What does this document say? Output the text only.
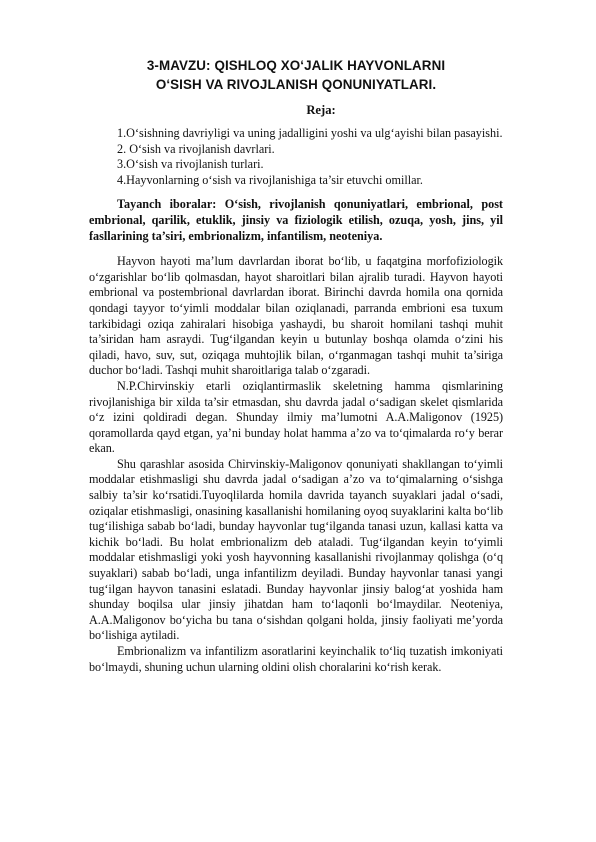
3-MAVZU: QISHLOQ XO‘JALIK HAYVONLARNI
O‘SISH VA RIVOJLANISH QONUNIYATLARI.
Reja:

1.O‘sishning davriyligi va uning jadalligini yoshi va ulg‘ayishi bilan pasayishi.

2. O‘sish va rivojlanish davrlari.

3.O‘sish va rivojlanish turlari.

4.Hayvonlarning o‘sish va rivojlanishiga ta’sir etuvchi omillar.

Tayanch iboralar: O‘sish, rivojlanish qonuniyatlari, embrional, post embrional, qarilik, etuklik, jinsiy va fiziologik etilish, ozuqa, yosh, jins, yil fasllarining ta’siri, embrionalizm, infantilism, neoteniya.

Hayvon hayoti ma’lum davrlardan iborat bo‘lib, u faqatgina morfofiziologik o‘zgarishlar bo‘lib qolmasdan, hayot sharoitlari bilan ajralib turadi. Hayvon hayoti embrional va postembrional davrlardan iborat. Birinchi davrda homila ona qornida qondagi tayyor to‘yimli moddalar bilan oziqlanadi, parranda embrioni esa tuxum tarkibidagi oziqa zahiralari hisobiga yashaydi, bu sharoit homilani tashqi muhit ta’siridan ham asraydi. Tug‘ilgandan keyin u butunlay boshqa olamda o‘zini his qiladi, havo, suv, sut, oziqaga muhtojlik bilan, o‘rganmagan tashqi muhit ta’siriga duchor bo‘ladi. Tashqi muhit sharoitlariga talab o‘zgaradi.

N.P.Chirvinskiy etarli oziqlantirmaslik skeletning hamma qismlarining rivojlanishiga bir xilda ta’sir etmasdan, shu davrda jadal o‘sadigan skelet qismlarida o‘z izini qoldiradi degan. Shunday ilmiy ma’lumotni A.A.Maligonov (1925) qoramollarda qayd etgan, ya’ni bunday holat hamma a’zo va to‘qimalarda ro‘y berar ekan.

Shu qarashlar asosida Chirvinskiy-Maligonov qonuniyati shakllangan to‘yimli moddalar etishmasligi shu davrda jadal o‘sadigan a’zo va to‘qimalarning o‘sishga salbiy ta’sir ko‘rsatidi.Tuyoqlilarda homila davrida tayanch suyaklari jadal o‘sadi, oziqalar etishmasligi, onasining kasallanishi homilaning oyoq suyaklarini kalta bo‘lib tug‘ilishiga sabab bo‘ladi, bunday hayvonlar tug‘ilganda tanasi uzun, kallasi katta va kichik bo‘ladi. Bu holat embrionalizm deb ataladi. Tug‘ilgandan keyin to‘yimli moddalar etishmasligi yoki yosh hayvonning kasallanishi rivojlanmay qolishga (o‘q suyaklari) sabab bo‘ladi, unga infantilizm deyiladi. Bunday hayvonlar tanasi yangi tug‘ilgan hayvon tanasini eslatadi. Bunday hayvonlar jinsiy balog‘at yoshida ham shunday boqilsa ular jinsiy jihatdan ham to‘laqonli bo‘lmaydilar. Neoteniya, A.A.Maligonov bo‘yicha bu tana o‘sishdan qolgani holda, jinsiy faoliyati me’yorda bo‘lishiga aytiladi.

Embrionalizm va infantilizm asoratlarini keyinchalik to‘liq tuzatish imkoniyati bo‘lmaydi, shuning uchun ularning oldini olish choralarini ko‘rish kerak.
